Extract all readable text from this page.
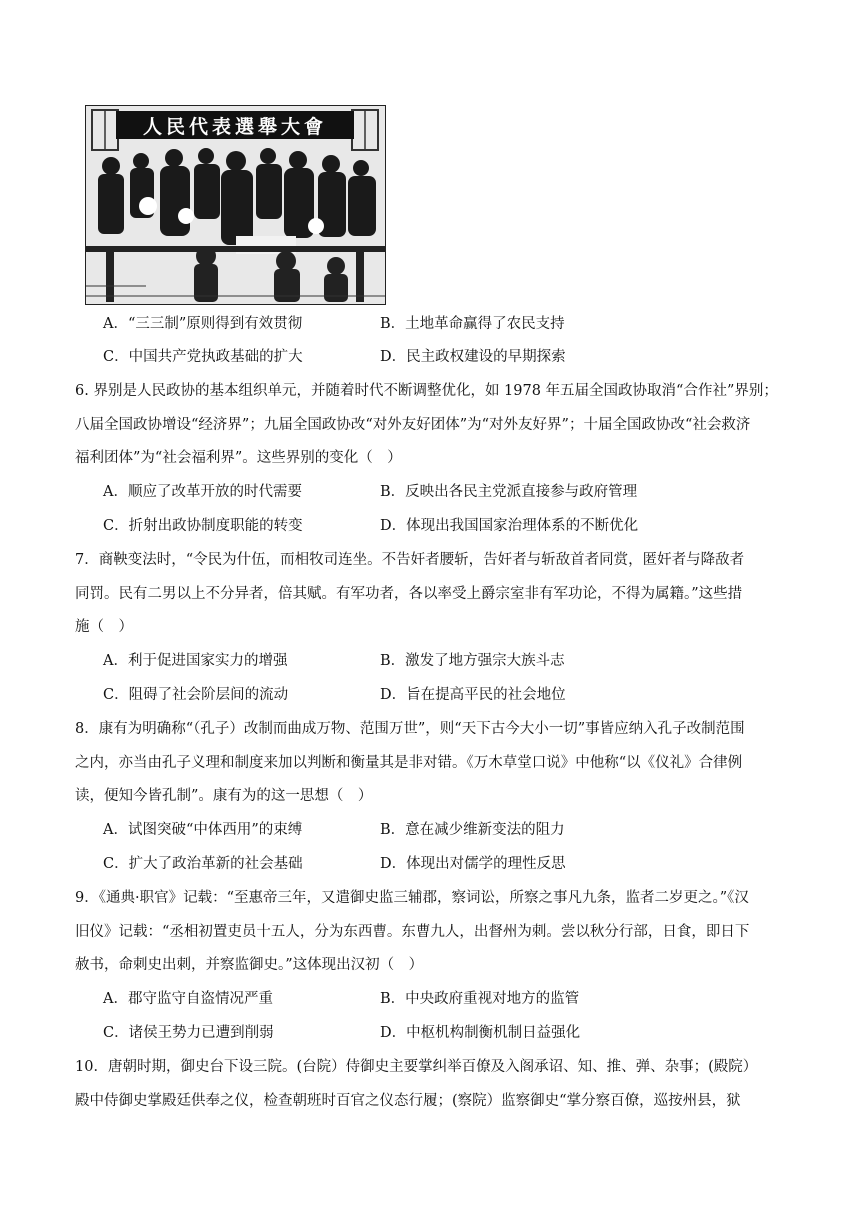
人民代表選舉大會
A．“三三制”原则得到有效贯彻	B．土地革命赢得了农民支持
C．中国共产党执政基础的扩大	D．民主政权建设的早期探索
6. 界别是人民政协的基本组织单元，并随着时代不断调整优化，如 1978 年五届全国政协取消“合作社”界别；
八届全国政协增设“经济界”；九届全国政协改“对外友好团体”为“对外友好界”；十届全国政协改“社会救济
福利团体”为“社会福利界”。这些界别的变化（　）
A．顺应了改革开放的时代需要	B．反映出各民主党派直接参与政府管理
C．折射出政协制度职能的转变	D．体现出我国国家治理体系的不断优化
7．商鞅变法时，“令民为什伍，而相牧司连坐。不告奸者腰斩，告奸者与斩敌首者同赏，匿奸者与降敌者
同罚。民有二男以上不分异者，倍其赋。有军功者，各以率受上爵宗室非有军功论，不得为属籍。”这些措
施（　）
A．利于促进国家实力的增强	B．激发了地方强宗大族斗志
C．阻碍了社会阶层间的流动	D．旨在提高平民的社会地位
8．康有为明确称“（孔子）改制而曲成万物、范围万世”，则“天下古今大小一切”事皆应纳入孔子改制范围
之内，亦当由孔子义理和制度来加以判断和衡量其是非对错。《万木草堂口说》中他称“以《仪礼》合律例
读，便知今皆孔制”。康有为的这一思想（　）
A．试图突破“中体西用”的束缚	B．意在减少维新变法的阻力
C．扩大了政治革新的社会基础	D．体现出对儒学的理性反思
9．《通典·职官》记载：“至惠帝三年，又遣御史监三辅郡，察词讼，所察之事凡九条，监者二岁更之。”《汉
旧仪》记载：“丞相初置吏员十五人，分为东西曹。东曹九人，出督州为刺。尝以秋分行部，日食，即日下
赦书，命刺史出刺，并察监御史。”这体现出汉初（　）
A．郡守监守自盗情况严重	B．中央政府重视对地方的监管
C．诸侯王势力已遭到削弱	D．中枢机构制衡机制日益强化
10．唐朝时期，御史台下设三院。(台院）侍御史主要掌纠举百僚及入阁承诏、知、推、弹、杂事；(殿院）
殿中侍御史掌殿廷供奉之仪，检查朝班时百官之仪态行履；(察院）监察御史“掌分察百僚，巡按州县，狱
